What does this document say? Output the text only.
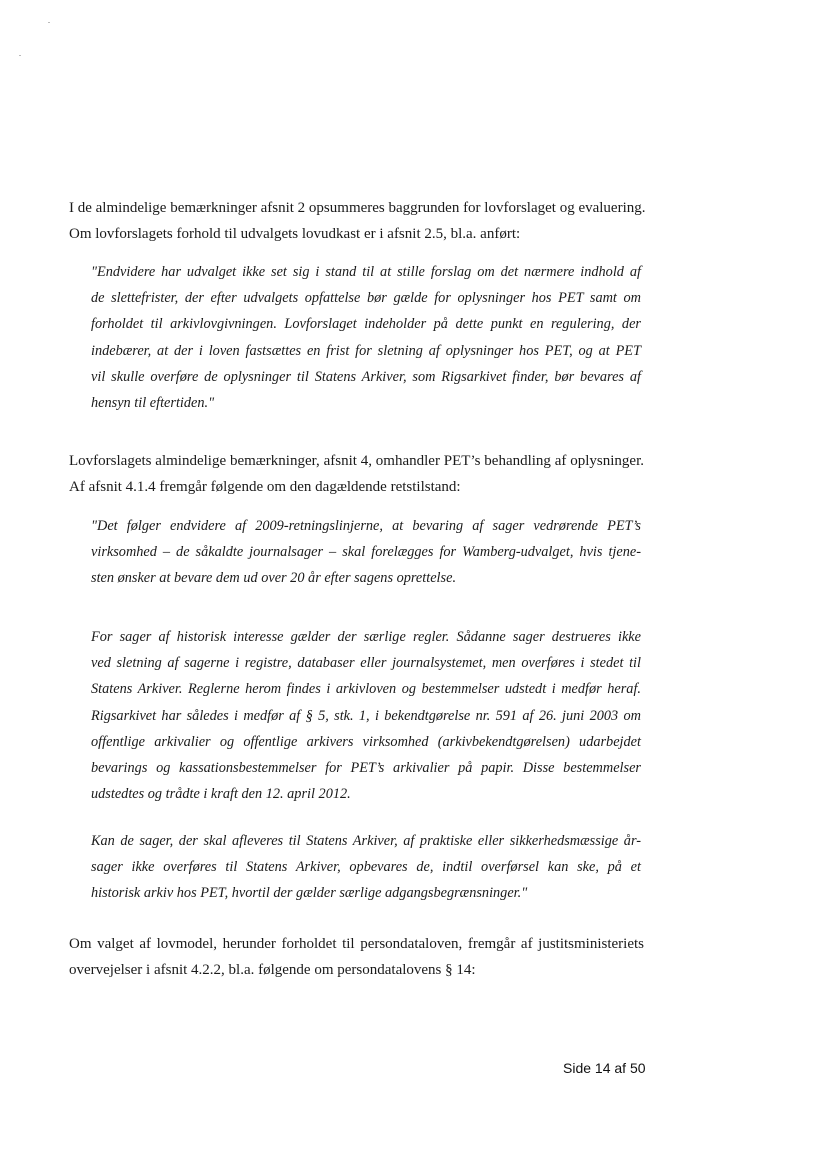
I de almindelige bemærkninger afsnit 2 opsummeres baggrunden for lovforslaget og evaluering.
Om lovforslagets forhold til udvalgets lovudkast er i afsnit 2.5, bl.a. anført:
"Endvidere har udvalget ikke set sig i stand til at stille forslag om det nærmere indhold af
de slettefrister, der efter udvalgets opfattelse bør gælde for oplysninger hos PET samt om
forholdet til arkivlovgivningen. Lovforslaget indeholder på dette punkt en regulering, der
indebærer, at der i loven fastsættes en frist for sletning af oplysninger hos PET, og at PET
vil skulle overføre de oplysninger til Statens Arkiver, som Rigsarkivet finder, bør bevares af
hensyn til eftertiden."
Lovforslagets almindelige bemærkninger, afsnit 4, omhandler PET’s behandling af oplysninger.
Af afsnit 4.1.4 fremgår følgende om den dagældende retstilstand:
"Det følger endvidere af 2009-retningslinjerne, at bevaring af sager vedrørende PET’s
virksomhed – de såkaldte journalsager – skal forelægges for Wamberg-udvalget, hvis tjene-
sten ønsker at bevare dem ud over 20 år efter sagens oprettelse.
For sager af historisk interesse gælder der særlige regler. Sådanne sager destrueres ikke
ved sletning af sagerne i registre, databaser eller journalsystemet, men overføres i stedet til
Statens Arkiver. Reglerne herom findes i arkivloven og bestemmelser udstedt i medfør heraf.
Rigsarkivet har således i medfør af § 5, stk. 1, i bekendtgørelse nr. 591 af 26. juni 2003 om
offentlige arkivalier og offentlige arkivers virksomhed (arkivbekendtgørelsen) udarbejdet
bevarings og kassationsbestemmelser for PET’s arkivalier på papir. Disse bestemmelser
udstedtes og trådte i kraft den 12. april 2012.
Kan de sager, der skal afleveres til Statens Arkiver, af praktiske eller sikkerhedsmæssige år-
sager ikke overføres til Statens Arkiver, opbevares de, indtil overførsel kan ske, på et
historisk arkiv hos PET, hvortil der gælder særlige adgangsbegrænsninger."
Om valget af lovmodel, herunder forholdet til persondataloven, fremgår af justitsministeriets
overvejelser i afsnit 4.2.2, bl.a. følgende om persondatalovens § 14:
Side 14 af 50
